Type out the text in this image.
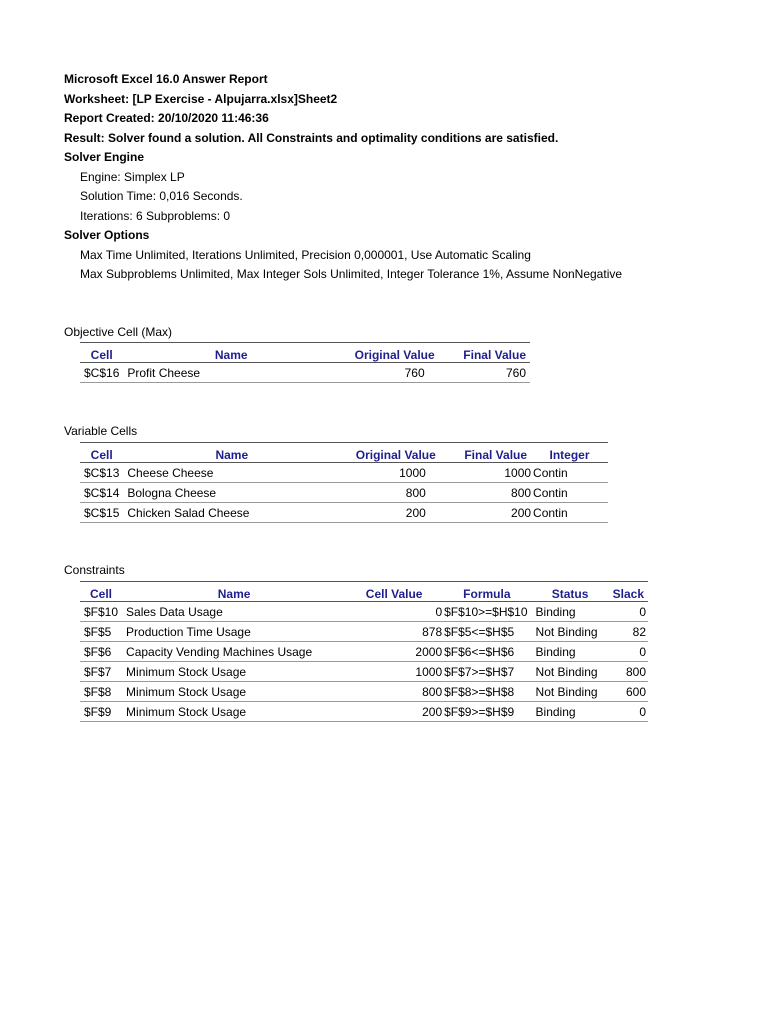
Microsoft Excel 16.0 Answer Report
Worksheet: [LP Exercise - Alpujarra.xlsx]Sheet2
Report Created: 20/10/2020 11:46:36
Result: Solver found a solution. All Constraints and optimality conditions are satisfied.
Solver Engine
Engine: Simplex LP
Solution Time: 0,016 Seconds.
Iterations: 6 Subproblems: 0
Solver Options
Max Time Unlimited, Iterations Unlimited, Precision 0,000001, Use Automatic Scaling
Max Subproblems Unlimited, Max Integer Sols Unlimited, Integer Tolerance 1%, Assume NonNegative
Objective Cell (Max)
Cell	Name	Original Value	Final Value
$C$16	Profit Cheese	760	760
Variable Cells
Cell	Name	Original Value	Final Value	Integer
$C$13	Cheese Cheese	1000	1000	Contin
$C$14	Bologna Cheese	800	800	Contin
$C$15	Chicken Salad Cheese	200	200	Contin
Constraints
Cell	Name	Cell Value	Formula	Status	Slack
$F$10	Sales Data Usage	0	$F$10>=$H$10	Binding	0
$F$5	Production Time Usage	878	$F$5<=$H$5	Not Binding	82
$F$6	Capacity Vending Machines Usage	2000	$F$6<=$H$6	Binding	0
$F$7	Minimum Stock Usage	1000	$F$7>=$H$7	Not Binding	800
$F$8	Minimum Stock Usage	800	$F$8>=$H$8	Not Binding	600
$F$9	Minimum Stock Usage	200	$F$9>=$H$9	Binding	0
